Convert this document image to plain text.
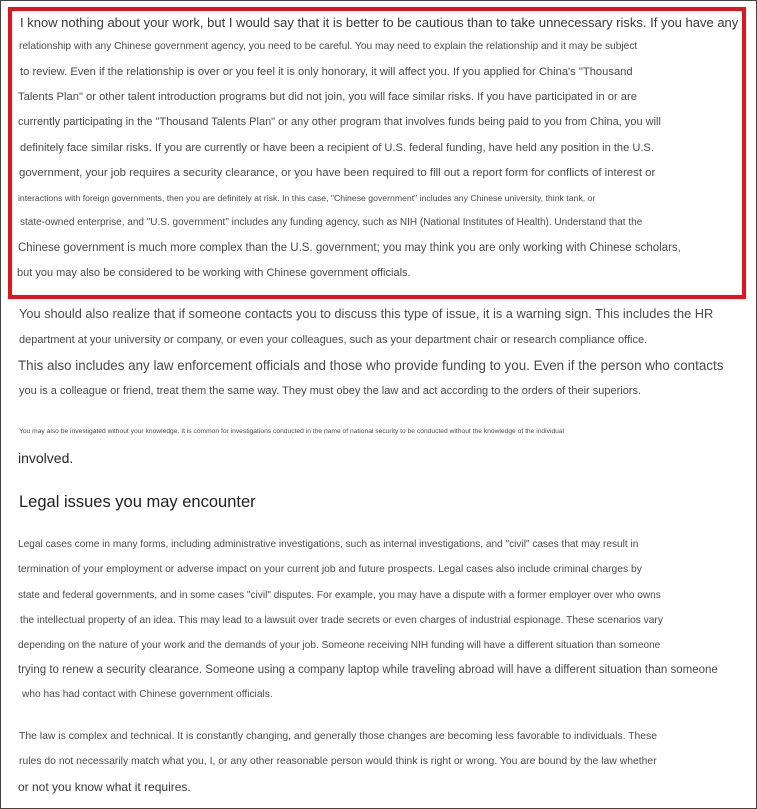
I know nothing about your work, but I would say that it is better to be cautious than to take unnecessary risks. If you have any
relationship with any Chinese government agency, you need to be careful. You may need to explain the relationship and it may be subject
to review. Even if the relationship is over or you feel it is only honorary, it will affect you. If you applied for China's "Thousand
Talents Plan" or other talent introduction programs but did not join, you will face similar risks. If you have participated in or are
currently participating in the "Thousand Talents Plan" or any other program that involves funds being paid to you from China, you will
definitely face similar risks. If you are currently or have been a recipient of U.S. federal funding, have held any position in the U.S.
government, your job requires a security clearance, or you have been required to fill out a report form for conflicts of interest or
interactions with foreign governments, then you are definitely at risk. In this case, "Chinese government" includes any Chinese university, think tank, or
state-owned enterprise, and "U.S. government" includes any funding agency, such as NIH (National Institutes of Health). Understand that the
Chinese government is much more complex than the U.S. government; you may think you are only working with Chinese scholars,
but you may also be considered to be working with Chinese government officials.
You should also realize that if someone contacts you to discuss this type of issue, it is a warning sign. This includes the HR
department at your university or company, or even your colleagues, such as your department chair or research compliance office.
This also includes any law enforcement officials and those who provide funding to you. Even if the person who contacts
you is a colleague or friend, treat them the same way. They must obey the law and act according to the orders of their superiors.
You may also be investigated without your knowledge. It is common for investigations conducted in the name of national security to be conducted without the knowledge of the individual
involved.
Legal issues you may encounter
Legal cases come in many forms, including administrative investigations, such as internal investigations, and "civil" cases that may result in
termination of your employment or adverse impact on your current job and future prospects. Legal cases also include criminal charges by
state and federal governments, and in some cases "civil" disputes. For example, you may have a dispute with a former employer over who owns
the intellectual property of an idea. This may lead to a lawsuit over trade secrets or even charges of industrial espionage. These scenarios vary
depending on the nature of your work and the demands of your job. Someone receiving NIH funding will have a different situation than someone
trying to renew a security clearance. Someone using a company laptop while traveling abroad will have a different situation than someone
who has had contact with Chinese government officials.
The law is complex and technical. It is constantly changing, and generally those changes are becoming less favorable to individuals. These
rules do not necessarily match what you, I, or any other reasonable person would think is right or wrong. You are bound by the law whether
or not you know what it requires.
